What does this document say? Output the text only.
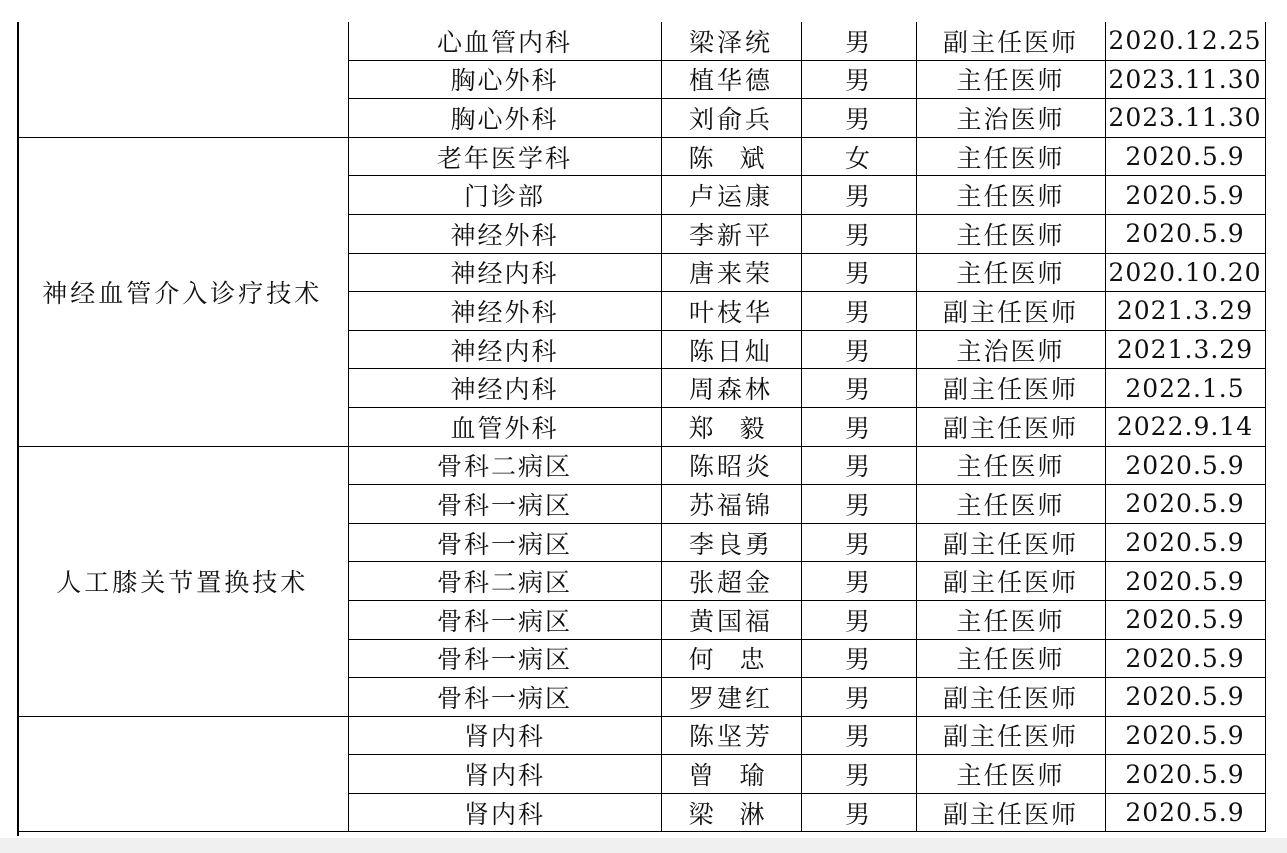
	心血管内科	梁泽统	男	副主任医师	2020.12.25
	胸心外科	植华德	男	主任医师	2023.11.30
	胸心外科	刘俞兵	男	主治医师	2023.11.30
神经血管介入诊疗技术	老年医学科	陈 斌	女	主任医师	2020.5.9
	门诊部	卢运康	男	主任医师	2020.5.9
	神经外科	李新平	男	主任医师	2020.5.9
	神经内科	唐来荣	男	主任医师	2020.10.20
	神经外科	叶枝华	男	副主任医师	2021.3.29
	神经内科	陈日灿	男	主治医师	2021.3.29
	神经内科	周森林	男	副主任医师	2022.1.5
	血管外科	郑 毅	男	副主任医师	2022.9.14
人工膝关节置换技术	骨科二病区	陈昭炎	男	主任医师	2020.5.9
	骨科一病区	苏福锦	男	主任医师	2020.5.9
	骨科一病区	李良勇	男	副主任医师	2020.5.9
	骨科二病区	张超金	男	副主任医师	2020.5.9
	骨科一病区	黄国福	男	主任医师	2020.5.9
	骨科一病区	何 忠	男	主任医师	2020.5.9
	骨科一病区	罗建红	男	副主任医师	2020.5.9
	肾内科	陈坚芳	男	副主任医师	2020.5.9
	肾内科	曾 瑜	男	主任医师	2020.5.9
	肾内科	梁 淋	男	副主任医师	2020.5.9
